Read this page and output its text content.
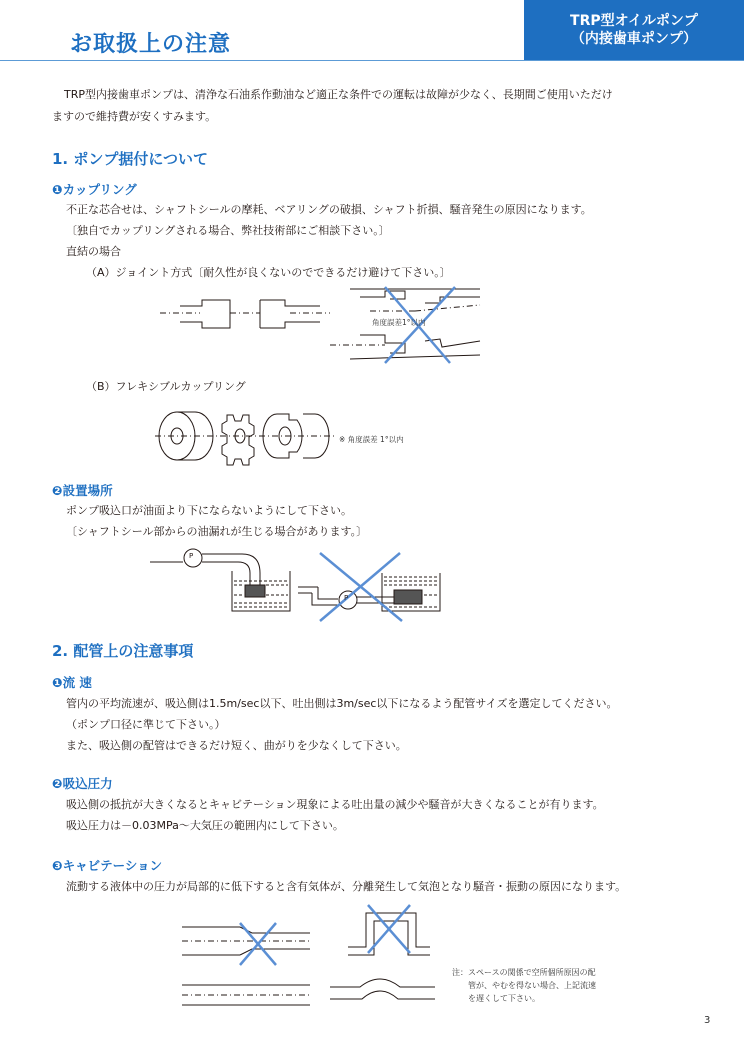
お取扱上の注意
TRP型オイルポンプ
（内接歯車ポンプ）
TRP型内接歯車ポンプは、清浄な石油系作動油など適正な条件での運転は故障が少なく、長期間ご使用いただけ
ますので維持費が安くすみます。
1. ポンプ据付について
❶カップリング
不正な芯合せは、シャフトシールの摩耗、ベアリングの破損、シャフト折損、騒音発生の原因になります。
〔独自でカップリングされる場合、弊社技術部にご相談下さい。〕
直結の場合
（A）ジョイント方式〔耐久性が良くないのでできるだけ避けて下さい。〕
角度誤差1°以内
（B）フレキシブルカップリング
※ 角度誤差 1°以内
❷設置場所
ポンプ吸込口が油面より下にならないようにして下さい。
〔シャフトシール部からの油漏れが生じる場合があります。〕
P
P
2. 配管上の注意事項
❶流 速
管内の平均流速が、吸込側は1.5m/sec以下、吐出側は3m/sec以下になるよう配管サイズを選定してください。
（ポンプ口径に準じて下さい。）
また、吸込側の配管はできるだけ短く、曲がりを少なくして下さい。
❷吸込圧力
吸込側の抵抗が大きくなるとキャビテーション現象による吐出量の減少や騒音が大きくなることが有ります。
吸込圧力は－0.03MPa～大気圧の範囲内にして下さい。
❸キャビテーション
流動する液体中の圧力が局部的に低下すると含有気体が、分離発生して気泡となり騒音・振動の原因になります。
注：スペースの関係で空所個所原因の配
　　管が、やむを得ない場合、上記流速
　　を遅くして下さい。
3
